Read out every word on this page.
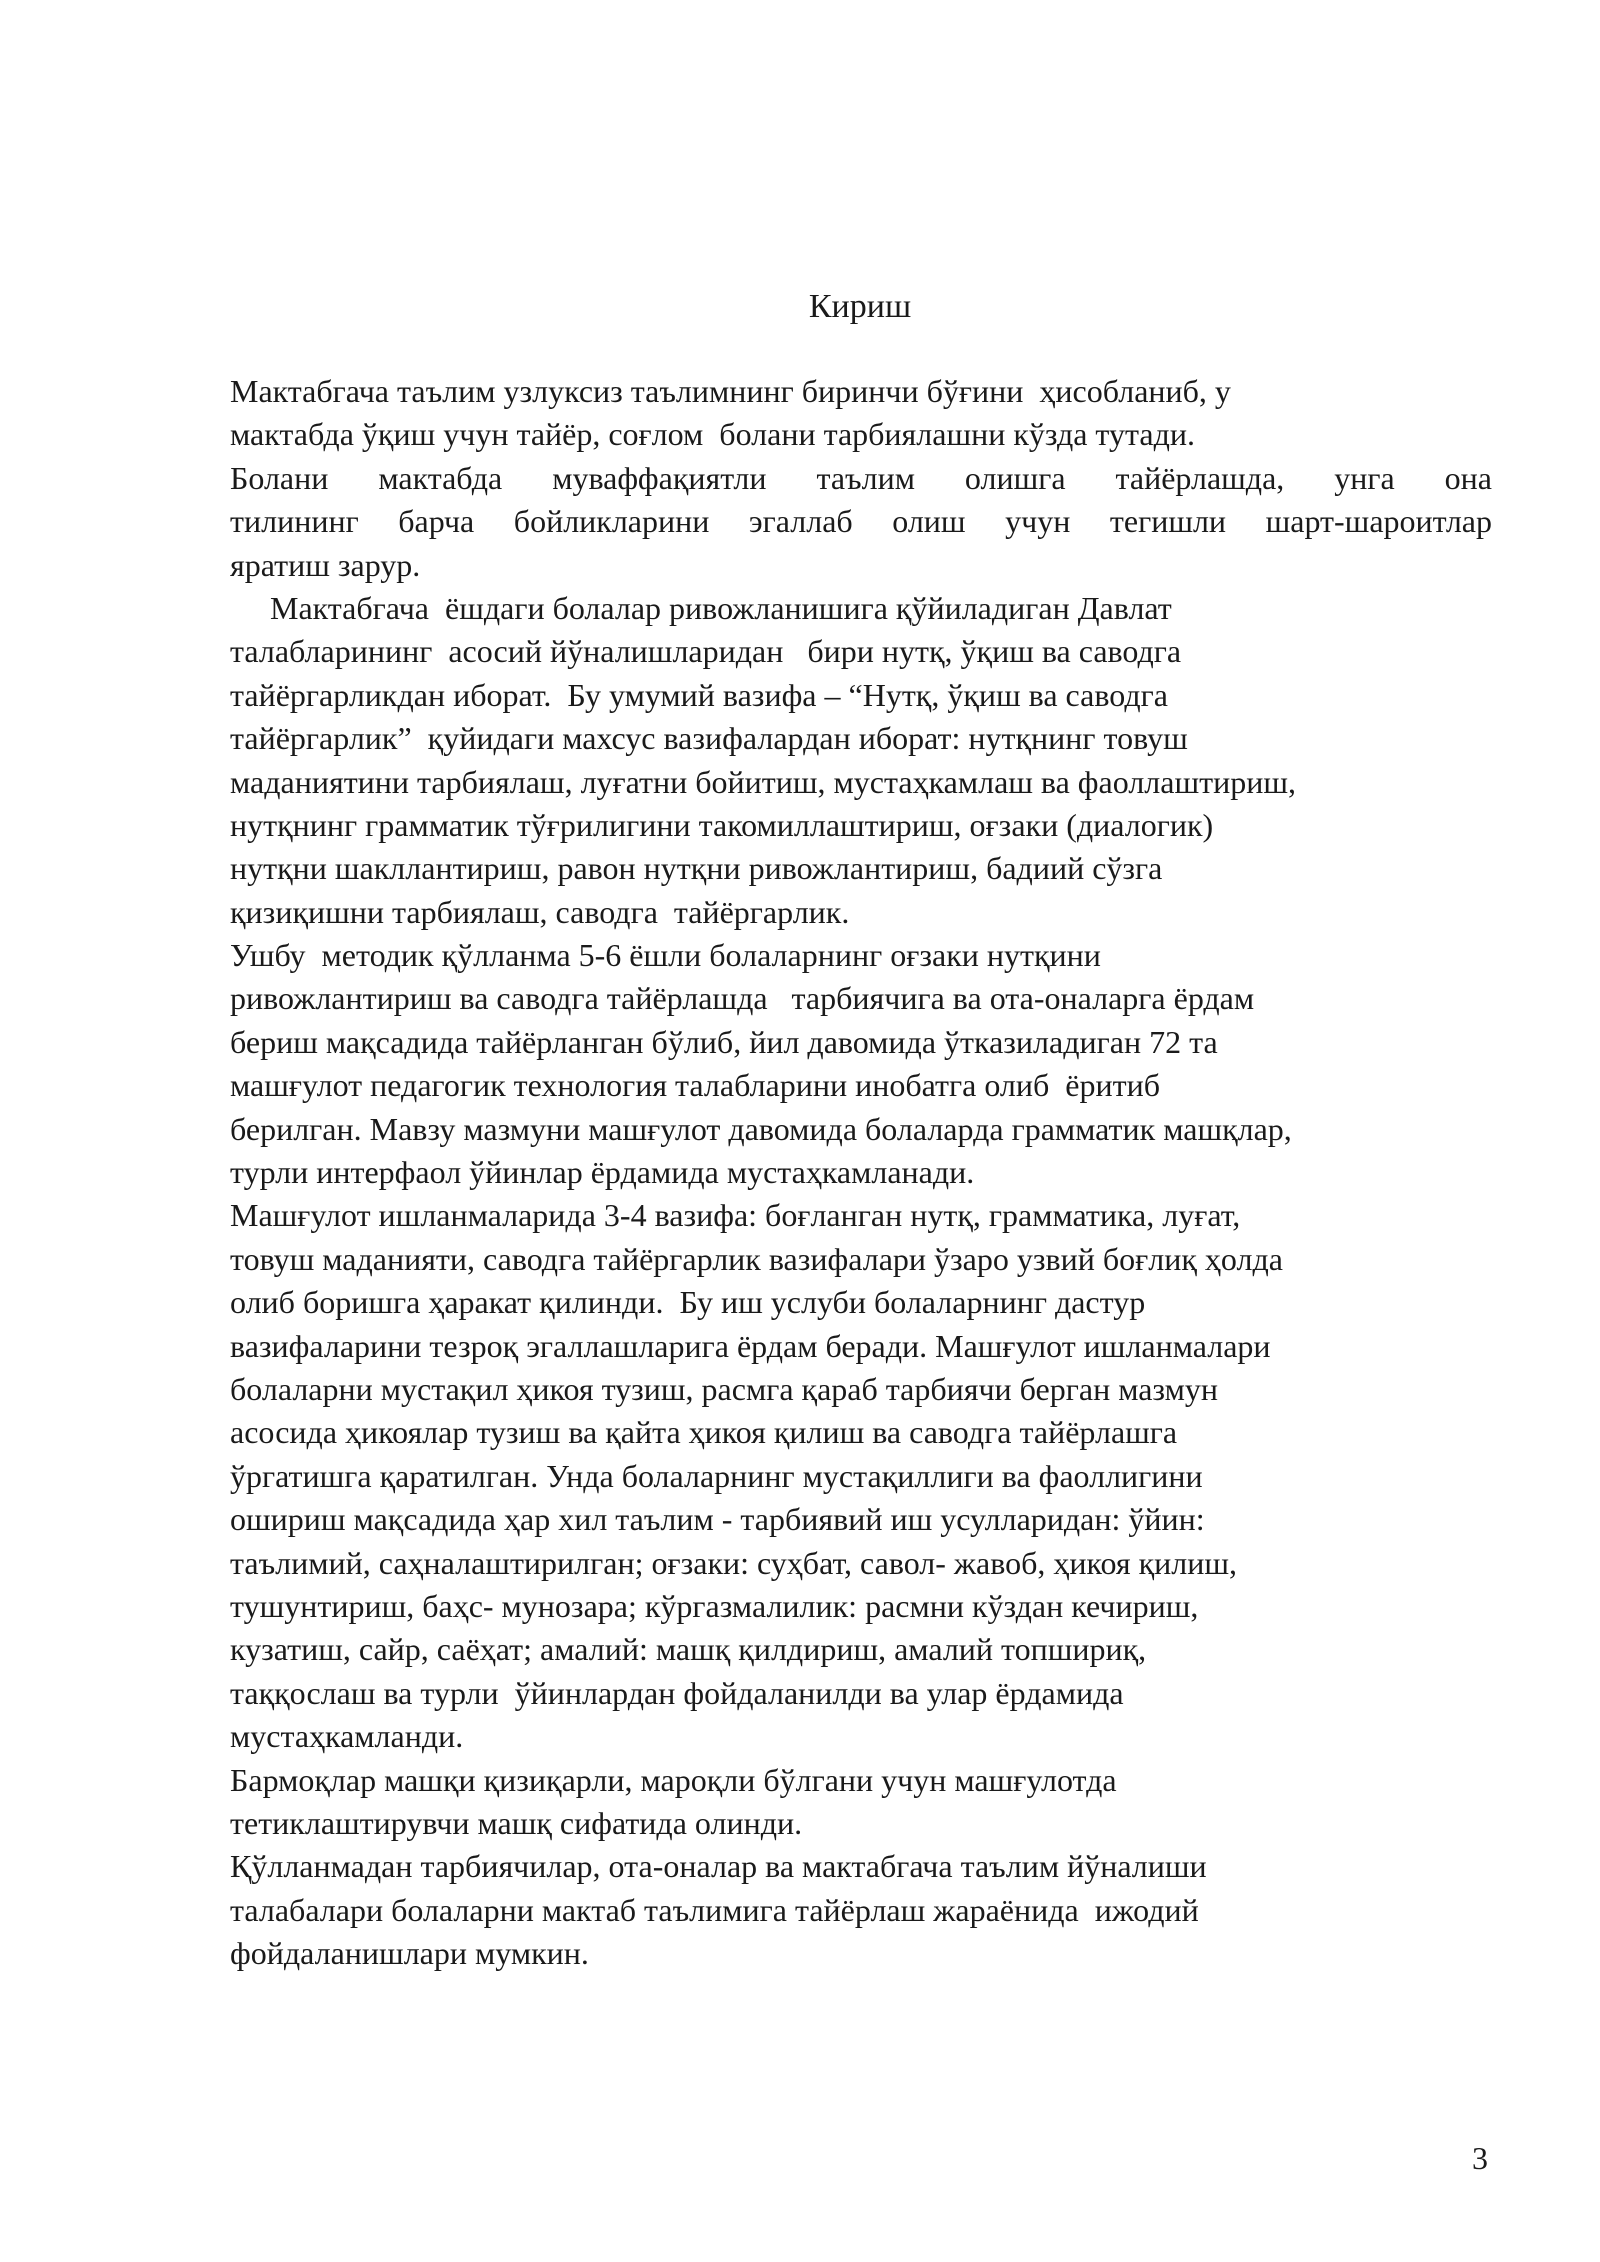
Кириш
Мактабгача таълим узлуксиз таълимнинг биринчи бўғини  ҳисобланиб, у
мактабда ўқиш учун тайёр, соғлом  болани тарбиялашни кўзда тутади.
Болани мактабда муваффақиятли таълим олишга тайёрлашда, унга она
тилининг барча бойликларини эгаллаб олиш учун тегишли шарт-шароитлар
яратиш зарур.
Мактабгача  ёшдаги болалар ривожланишига қўйиладиган Давлат
талабларининг  асосий йўналишларидан   бири нутқ, ўқиш ва саводга
тайёргарликдан иборат.  Бу умумий вазифа – “Нутқ, ўқиш ва саводга
тайёргарлик”  қуйидаги махсус вазифалардан иборат: нутқнинг товуш
маданиятини тарбиялаш, луғатни бойитиш, мустаҳкамлаш ва фаоллаштириш,
нутқнинг грамматик тўғрилигини такомиллаштириш, оғзаки (диалогик)
нутқни шакллантириш, равон нутқни ривожлантириш, бадиий сўзга
қизиқишни тарбиялаш, саводга  тайёргарлик.
Ушбу  методик қўлланма 5-6 ёшли болаларнинг оғзаки нутқини
ривожлантириш ва саводга тайёрлашда   тарбиячига ва ота-оналарга ёрдам
бериш мақсадида тайёрланган бўлиб, йил давомида ўтказиладиган 72 та
машғулот педагогик технология талабларини инобатга олиб  ёритиб
берилган. Мавзу мазмуни машғулот давомида болаларда грамматик машқлар,
турли интерфаол ўйинлар ёрдамида мустаҳкамланади.
Машғулот ишланмаларида 3-4 вазифа: боғланган нутқ, грамматика, луғат,
товуш маданияти, саводга тайёргарлик вазифалари ўзаро узвий боғлиқ ҳолда
олиб боришга ҳаракат қилинди.  Бу иш услуби болаларнинг дастур
вазифаларини тезроқ эгаллашларига ёрдам беради. Машғулот ишланмалари
болаларни мустақил ҳикоя тузиш, расмга қараб тарбиячи берган мазмун
асосида ҳикоялар тузиш ва қайта ҳикоя қилиш ва саводга тайёрлашга
ўргатишга қаратилган. Унда болаларнинг мустақиллиги ва фаоллигини
ошириш мақсадида ҳар хил таълим - тарбиявий иш усулларидан: ўйин:
таълимий, саҳналаштирилган; оғзаки: суҳбат, савол- жавоб, ҳикоя қилиш,
тушунтириш, баҳс- мунозара; кўргазмалилик: расмни кўздан кечириш,
кузатиш, сайр, саёҳат; амалий: машқ қилдириш, амалий топшириқ,
таққослаш ва турли  ўйинлардан фойдаланилди ва улар ёрдамида
мустаҳкамланди.
Бармоқлар машқи қизиқарли, мароқли бўлгани учун машғулотда
тетиклаштирувчи машқ сифатида олинди.
Қўлланмадан тарбиячилар, ота-оналар ва мактабгача таълим йўналиши
талабалари болаларни мактаб таълимига тайёрлаш жараёнида  ижодий
фойдаланишлари мумкин.
3
